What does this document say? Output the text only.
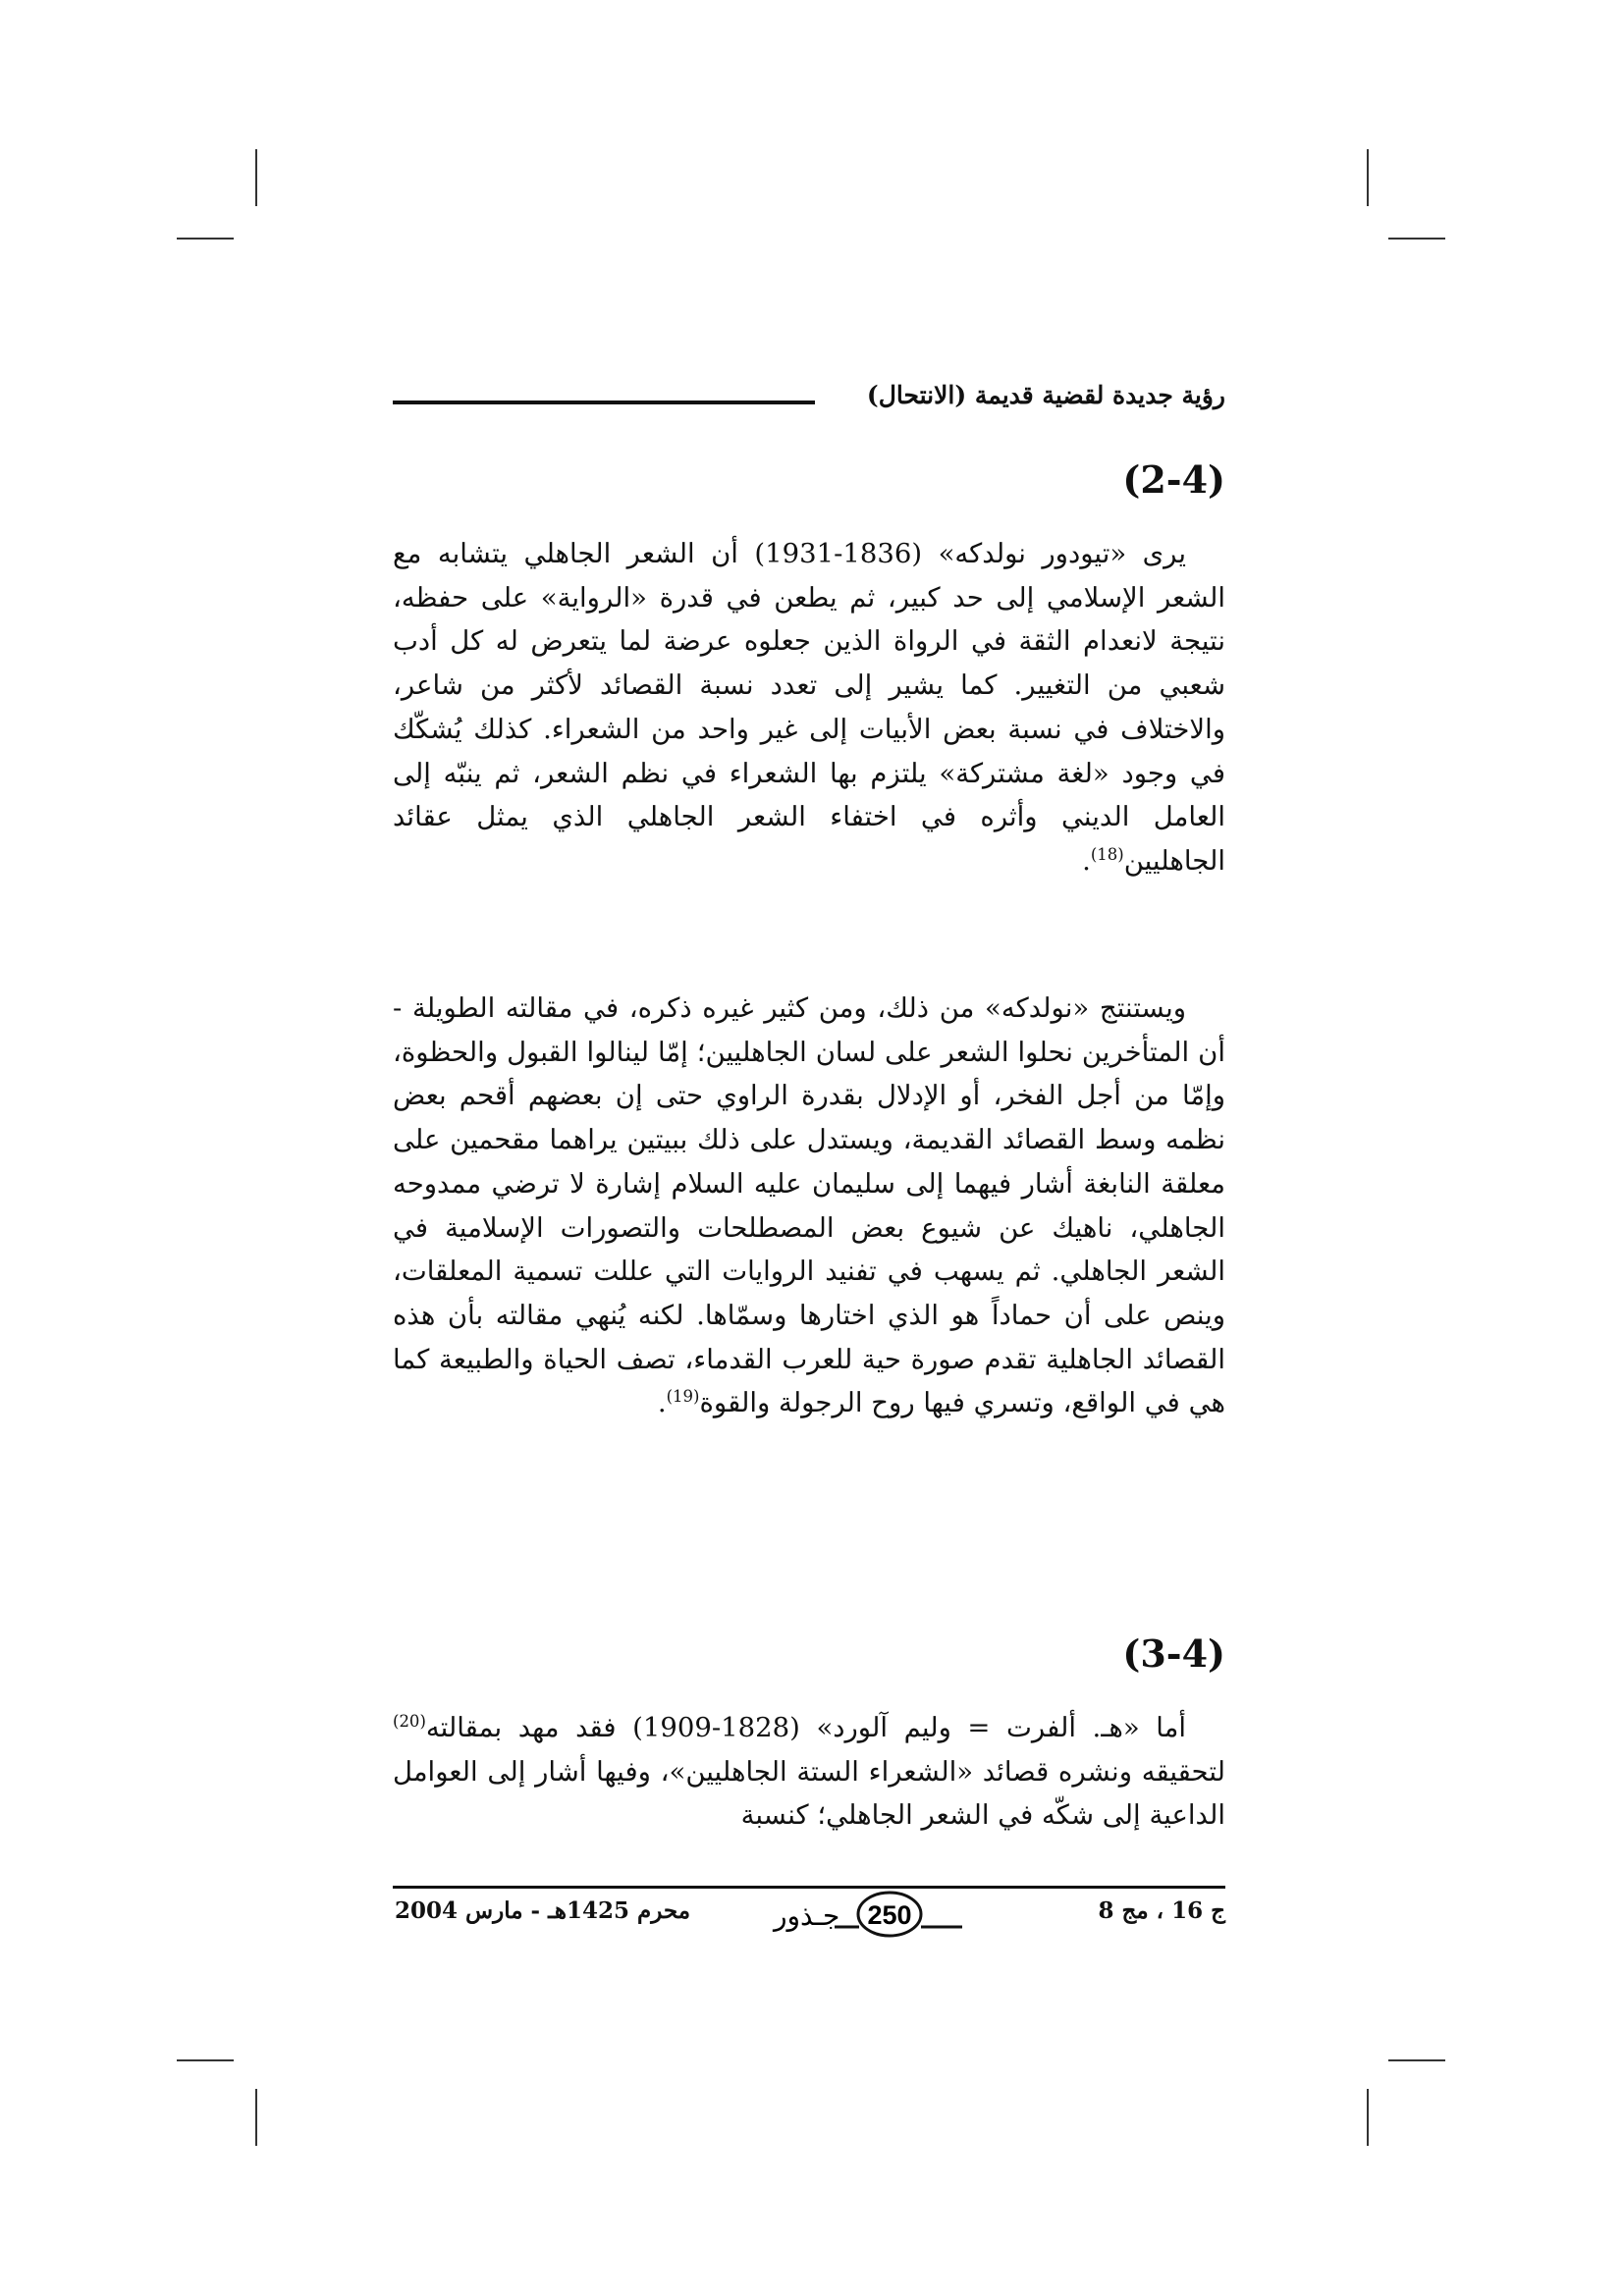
رؤية جديدة لقضية قديمة (الانتحال)
(2-4)

يرى «تيودور نولدكه» (1836-1931) أن الشعر الجاهلي يتشابه مع الشعر الإسلامي إلى حد كبير، ثم يطعن في قدرة «الرواية» على حفظه، نتيجة لانعدام الثقة في الرواة الذين جعلوه عرضة لما يتعرض له كل أدب شعبي من التغيير. كما يشير إلى تعدد نسبة القصائد لأكثر من شاعر، والاختلاف في نسبة بعض الأبيات إلى غير واحد من الشعراء. كذلك يُشكّك في وجود «لغة مشتركة» يلتزم بها الشعراء في نظم الشعر، ثم ينبّه إلى العامل الديني وأثره في اختفاء الشعر الجاهلي الذي يمثل عقائد الجاهليين$^{(18)}$.

ويستنتج «نولدكه» من ذلك، ومن كثير غيره ذكره، في مقالته الطويلة - أن المتأخرين نحلوا الشعر على لسان الجاهليين؛ إمّا لينالوا القبول والحظوة، وإمّا من أجل الفخر، أو الإدلال بقدرة الراوي حتى إن بعضهم أقحم بعض نظمه وسط القصائد القديمة، ويستدل على ذلك ببيتين يراهما مقحمين على معلقة النابغة أشار فيهما إلى سليمان عليه السلام إشارة لا ترضي ممدوحه الجاهلي، ناهيك عن شيوع بعض المصطلحات والتصورات الإسلامية في الشعر الجاهلي. ثم يسهب في تفنيد الروايات التي عللت تسمية المعلقات، وينص على أن حماداً هو الذي اختارها وسمّاها. لكنه يُنهي مقالته بأن هذه القصائد الجاهلية تقدم صورة حية للعرب القدماء، تصف الحياة والطبيعة كما هي في الواقع، وتسري فيها روح الرجولة والقوة$^{(19)}$.

(3-4)

أما «هـ. ألفرت = وليم آلورد» (1828-1909) فقد مهد بمقالته$^{(20)}$ لتحقيقه ونشره قصائد «الشعراء الستة الجاهليين»، وفيها أشار إلى العوامل الداعية إلى شكّه في الشعر الجاهلي؛ كنسبة

ج 16 ، مج 8
جـذور 250
محرم 1425هـ - مارس 2004
